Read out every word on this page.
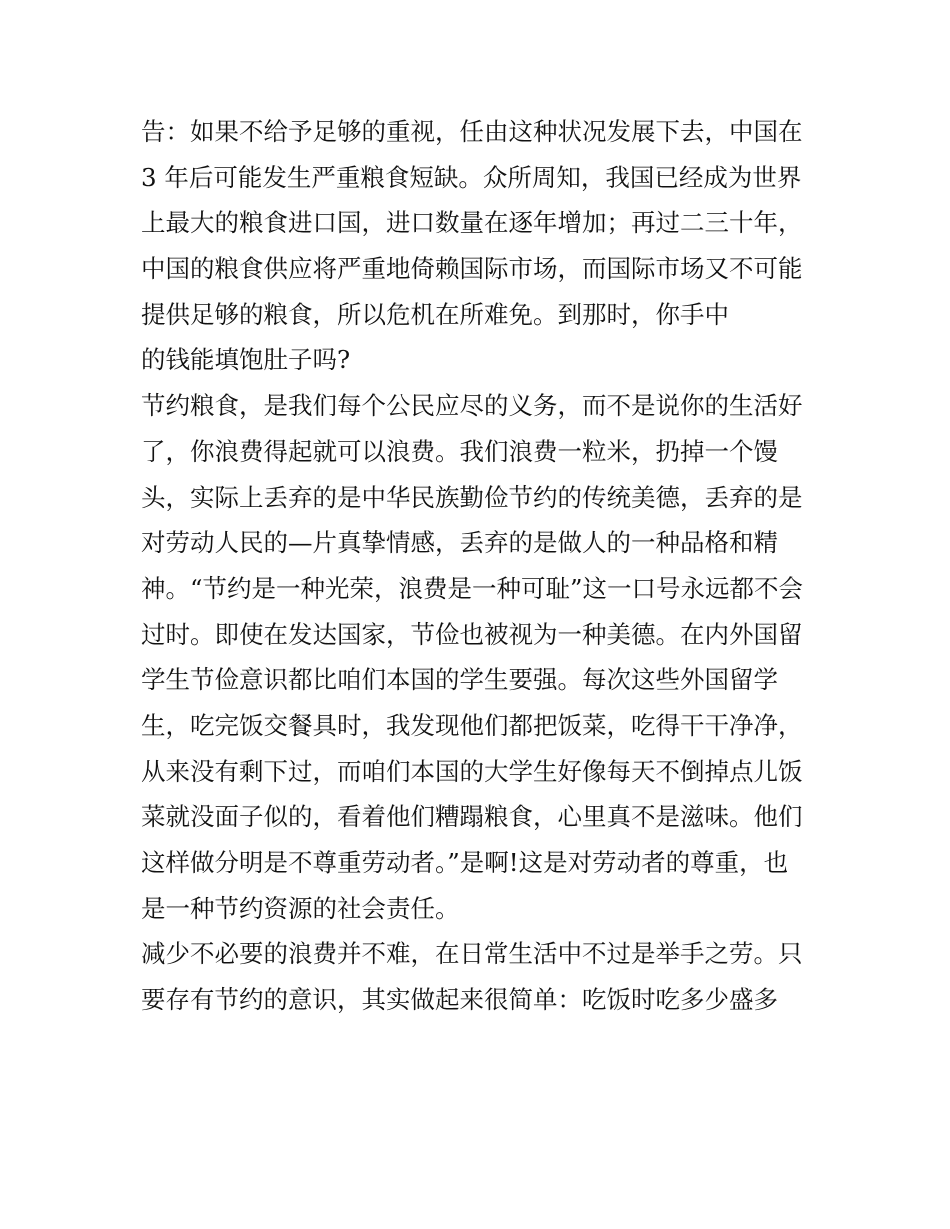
告：如果不给予足够的重视，任由这种状况发展下去，中国在
3 年后可能发生严重粮食短缺。众所周知，我国已经成为世界
上最大的粮食进口国，进口数量在逐年增加；再过二三十年，
中国的粮食供应将严重地倚赖国际市场，而国际市场又不可能
提供足够的粮食，所以危机在所难免。到那时，你手中
的钱能填饱肚子吗?
节约粮食，是我们每个公民应尽的义务，而不是说你的生活好
了，你浪费得起就可以浪费。我们浪费一粒米，扔掉一个馒
头，实际上丢弃的是中华民族勤俭节约的传统美德，丢弃的是
对劳动人民的—片真挚情感，丢弃的是做人的一种品格和精
神。“节约是一种光荣，浪费是一种可耻”这一口号永远都不会
过时。即使在发达国家，节俭也被视为一种美德。在内外国留
学生节俭意识都比咱们本国的学生要强。每次这些外国留学
生，吃完饭交餐具时，我发现他们都把饭菜，吃得干干净净，
从来没有剩下过，而咱们本国的大学生好像每天不倒掉点儿饭
菜就没面子似的，看着他们糟蹋粮食，心里真不是滋味。他们
这样做分明是不尊重劳动者。”是啊!这是对劳动者的尊重，也
是一种节约资源的社会责任。
减少不必要的浪费并不难，在日常生活中不过是举手之劳。只
要存有节约的意识，其实做起来很简单：吃饭时吃多少盛多
